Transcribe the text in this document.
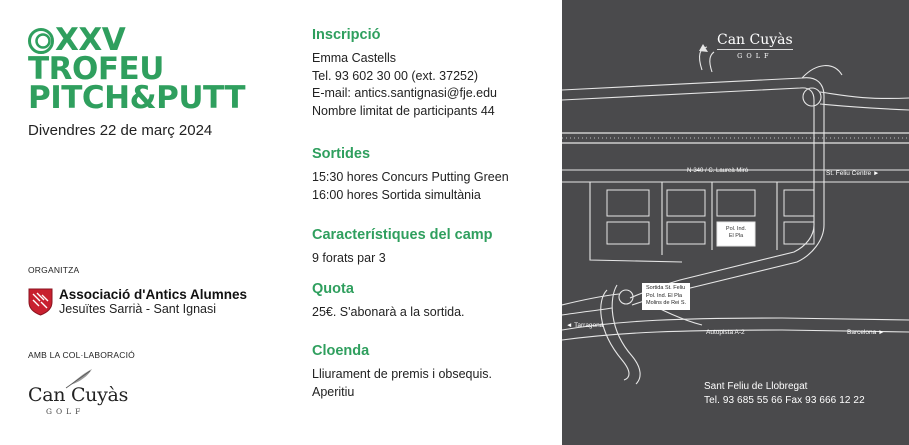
XXV
TROFEU
PITCH&PUTT
Divendres 22 de març 2024
ORGANITZA
Associació d'Antics Alumnes
Jesuïtes Sarrià - Sant Ignasi
AMB LA COL·LABORACIÓ
Can Cuyàs
GOLF
Inscripció

Emma Castells

Tel. 93 602 30 00 (ext. 37252)

E-mail: antics.santignasi@fje.edu

Nombre limitat de participants 44

Sortides

15:30 hores Concurs Putting Green

16:00 hores Sortida simultània

Característiques del camp

9 forats par 3

Quota

25€. S'abonarà a la sortida.

Cloenda

Lliurament de premis i obsequis.

Aperitiu

Can Cuyàs
GOLF
N-340 / C. Laureà Miró	St. Feliu Centre ►
Pol. Ind.
El Pla
Sortida St. Feliu
Pol. Ind. El Pla
Molins de Rei S.
◄ Tarragona
Autopista A-2	Barcelona ►
Sant Feliu de Llobregat
Tel. 93 685 55 66 Fax 93 666 12 22
